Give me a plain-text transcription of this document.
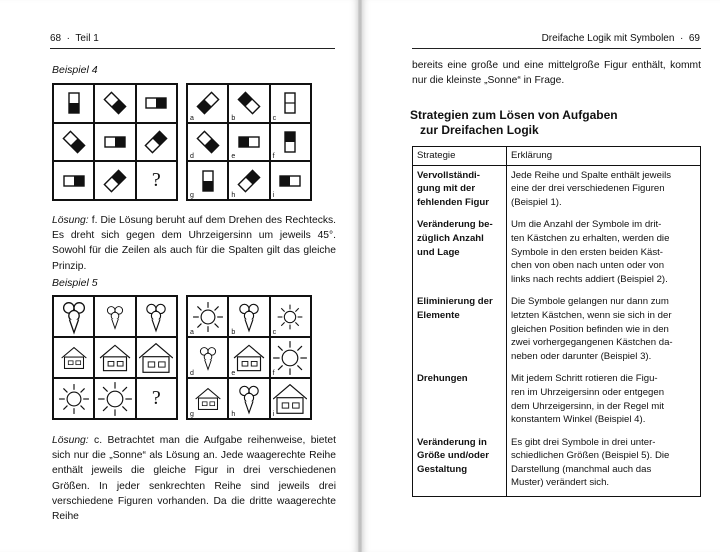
68  ·  Teil 1
Beispiel 4
?
a	b	c
d	e	f
g	h	i

Lösung: f. Die Lösung beruht auf dem Drehen des Rechtecks. Es dreht sich gegen dem Uhrzeigersinn um jeweils 45°. Sowohl für die Zeilen als auch für die Spalten gilt das gleiche Prinzip.

Beispiel 5
?
a	b	c
d	e	f
g	h	i

Lösung: c. Betrachtet man die Aufgabe reihenweise, bietet sich nur die „Sonne“ als Lösung an. Jede waagerechte Reihe enthält jeweils die gleiche Figur in drei verschiedenen Größen. In jeder senkrechten Reihe sind jeweils drei verschiedene Figuren vorhanden. Da die dritte waagerechte Reihe

Dreifache Logik mit Symbolen  ·  69

bereits eine große und eine mittelgroße Figur enthält, kommt nur die kleinste „Sonne“ in Frage.

Strategien zum Lösen von Aufgaben
zur Dreifachen Logik
Strategie	Erklärung
Vervollständi-
gung mit der
fehlenden Figur	Jede Reihe und Spalte enthält jeweils
eine der drei verschiedenen Figuren
(Beispiel 1).
Veränderung be-
züglich Anzahl
und Lage	Um die Anzahl der Symbole im drit-
ten Kästchen zu erhalten, werden die
Symbole in den ersten beiden Käst-
chen von oben nach unten oder von
links nach rechts addiert (Beispiel 2).
Eliminierung der
Elemente	Die Symbole gelangen nur dann zum
letzten Kästchen, wenn sie sich in der
gleichen Position befinden wie in den
zwei vorhergegangenen Kästchen da-
neben oder darunter (Beispiel 3).
Drehungen	Mit jedem Schritt rotieren die Figu-
ren im Uhrzeigersinn oder entgegen
dem Uhrzeigersinn, in der Regel mit
konstantem Winkel (Beispiel 4).
Veränderung in
Größe und/oder
Gestaltung	Es gibt drei Symbole in drei unter-
schiedlichen Größen (Beispiel 5). Die
Darstellung (manchmal auch das
Muster) verändert sich.
